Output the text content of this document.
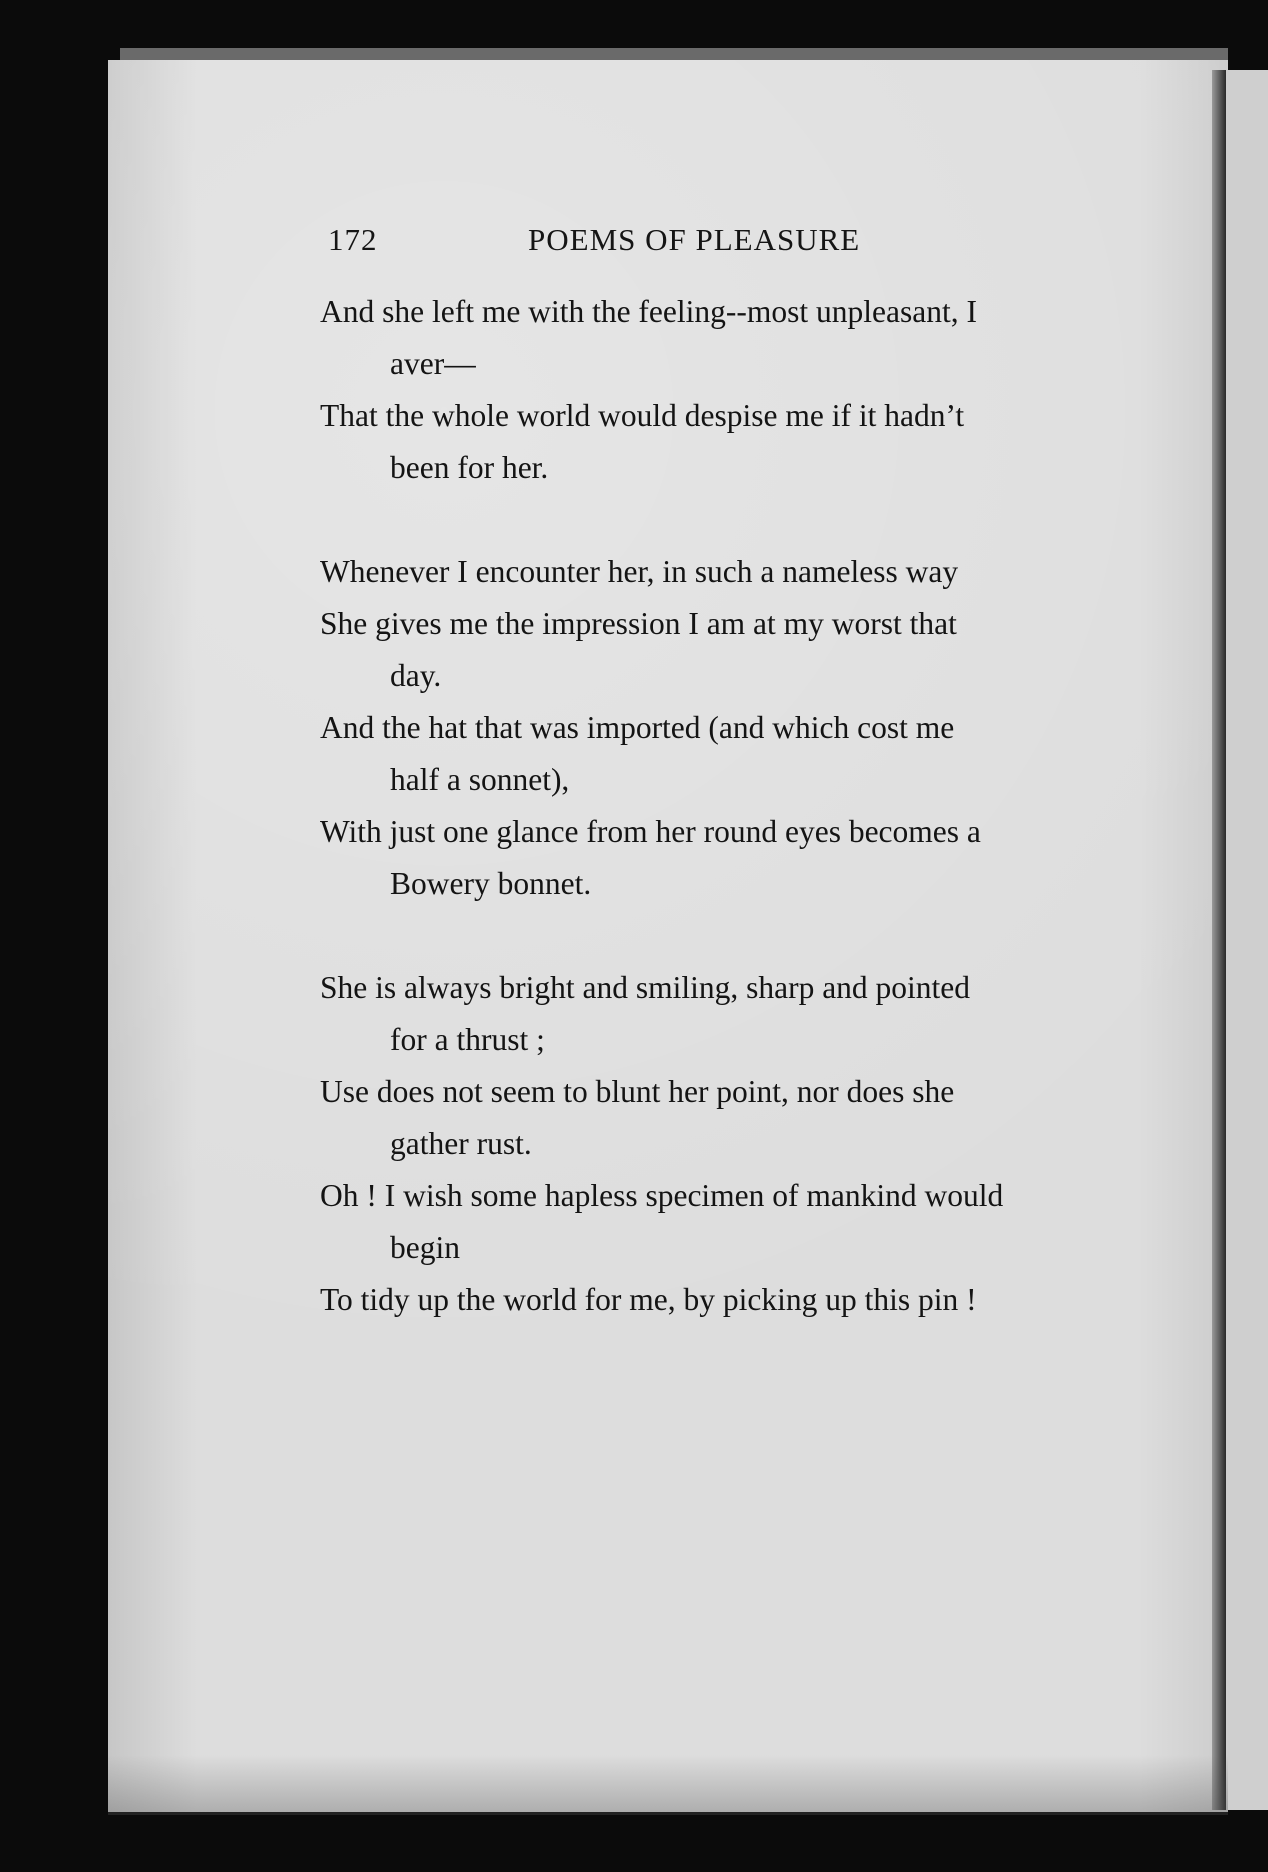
172	POEMS OF PLEASURE
And she left me with the feeling--most unpleasant, I
aver—
That the whole world would despise me if it hadn’t
been for her.
Whenever I encounter her, in such a nameless way
She gives me the impression I am at my worst that
day.
And the hat that was imported (and which cost me
half a sonnet),
With just one glance from her round eyes becomes a
Bowery bonnet.
She is always bright and smiling, sharp and pointed
for a thrust ;
Use does not seem to blunt her point, nor does she
gather rust.
Oh ! I wish some hapless specimen of mankind would
begin
To tidy up the world for me, by picking up this pin !
